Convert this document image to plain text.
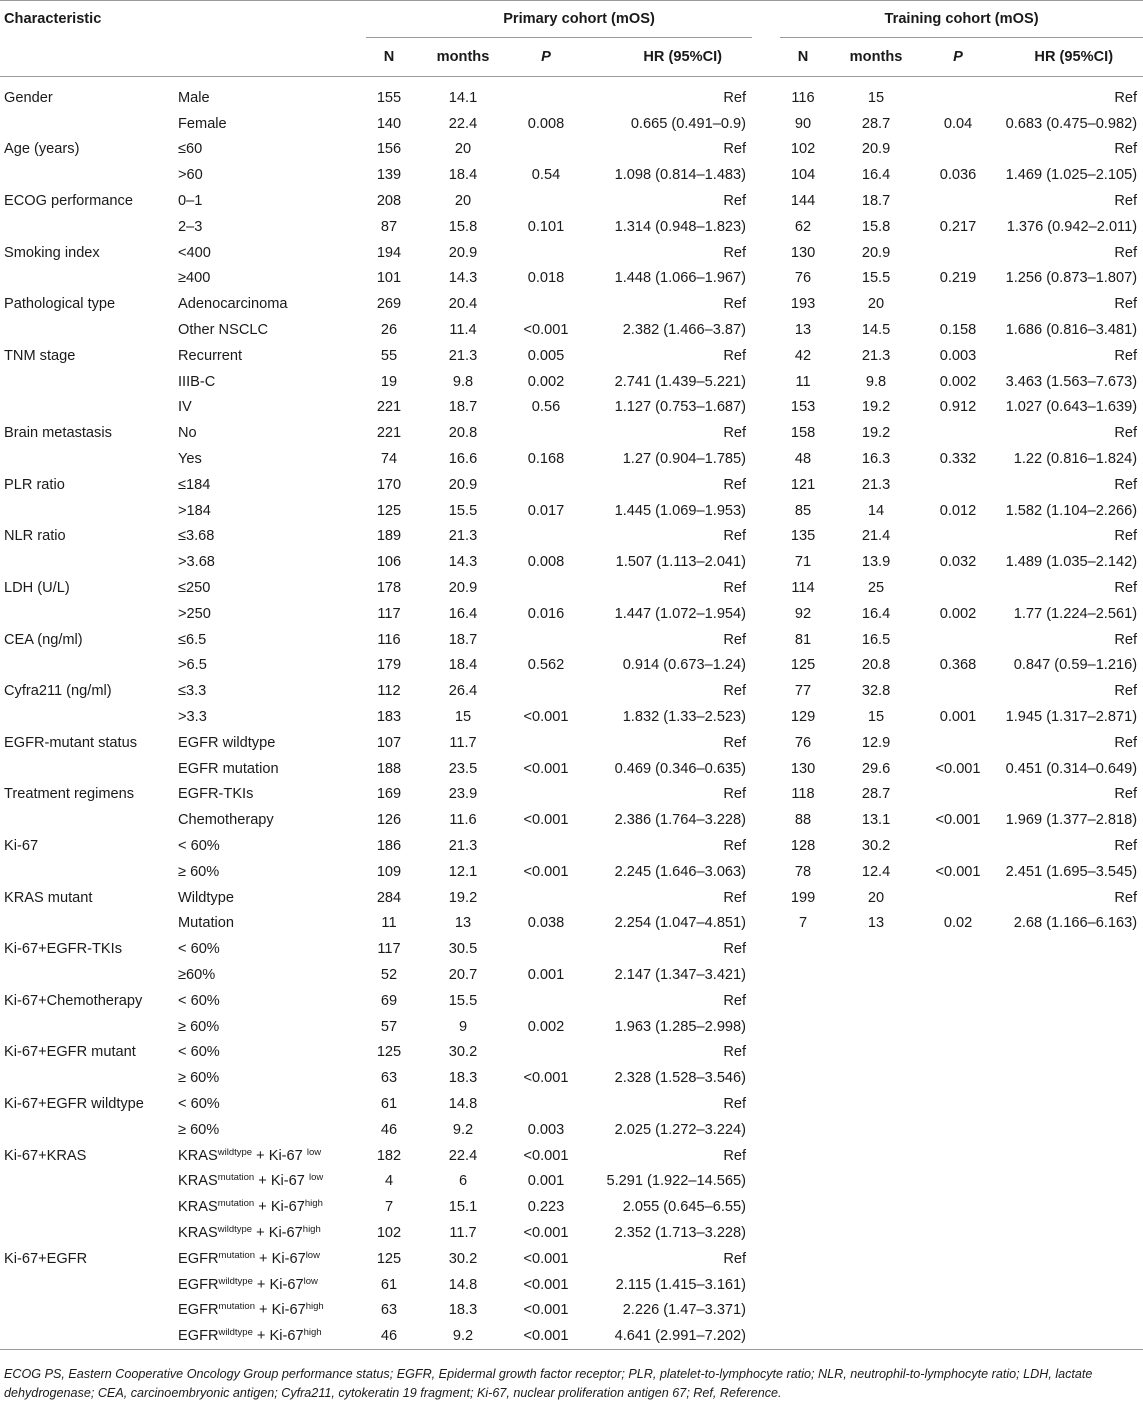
Characteristic		Primary cohort (mOS)					Training cohort (mOS)			
		N	months	P	HR (95%CI)		N	months	P	HR (95%CI)
Gender	Male	155	14.1		Ref		116	15		Ref
	Female	140	22.4	0.008	0.665 (0.491–0.9)		90	28.7	0.04	0.683 (0.475–0.982)
Age (years)	≤60	156	20		Ref		102	20.9		Ref
	>60	139	18.4	0.54	1.098 (0.814–1.483)		104	16.4	0.036	1.469 (1.025–2.105)
ECOG performance	0–1	208	20		Ref		144	18.7		Ref
	2–3	87	15.8	0.101	1.314 (0.948–1.823)		62	15.8	0.217	1.376 (0.942–2.011)
Smoking index	<400	194	20.9		Ref		130	20.9		Ref
	≥400	101	14.3	0.018	1.448 (1.066–1.967)		76	15.5	0.219	1.256 (0.873–1.807)
Pathological type	Adenocarcinoma	269	20.4		Ref		193	20		Ref
	Other NSCLC	26	11.4	<0.001	2.382 (1.466–3.87)		13	14.5	0.158	1.686 (0.816–3.481)
TNM stage	Recurrent	55	21.3	0.005	Ref		42	21.3	0.003	Ref
	IIIB-C	19	9.8	0.002	2.741 (1.439–5.221)		11	9.8	0.002	3.463 (1.563–7.673)
	IV	221	18.7	0.56	1.127 (0.753–1.687)		153	19.2	0.912	1.027 (0.643–1.639)
Brain metastasis	No	221	20.8		Ref		158	19.2		Ref
	Yes	74	16.6	0.168	1.27 (0.904–1.785)		48	16.3	0.332	1.22 (0.816–1.824)
PLR ratio	≤184	170	20.9		Ref		121	21.3		Ref
	>184	125	15.5	0.017	1.445 (1.069–1.953)		85	14	0.012	1.582 (1.104–2.266)
NLR ratio	≤3.68	189	21.3		Ref		135	21.4		Ref
	>3.68	106	14.3	0.008	1.507 (1.113–2.041)		71	13.9	0.032	1.489 (1.035–2.142)
LDH (U/L)	≤250	178	20.9		Ref		114	25		Ref
	>250	117	16.4	0.016	1.447 (1.072–1.954)		92	16.4	0.002	1.77 (1.224–2.561)
CEA (ng/ml)	≤6.5	116	18.7		Ref		81	16.5		Ref
	>6.5	179	18.4	0.562	0.914 (0.673–1.24)		125	20.8	0.368	0.847 (0.59–1.216)
Cyfra211 (ng/ml)	≤3.3	112	26.4		Ref		77	32.8		Ref
	>3.3	183	15	<0.001	1.832 (1.33–2.523)		129	15	0.001	1.945 (1.317–2.871)
EGFR-mutant status	EGFR wildtype	107	11.7		Ref		76	12.9		Ref
	EGFR mutation	188	23.5	<0.001	0.469 (0.346–0.635)		130	29.6	<0.001	0.451 (0.314–0.649)
Treatment regimens	EGFR-TKIs	169	23.9		Ref		118	28.7		Ref
	Chemotherapy	126	11.6	<0.001	2.386 (1.764–3.228)		88	13.1	<0.001	1.969 (1.377–2.818)
Ki-67	< 60%	186	21.3		Ref		128	30.2		Ref
	≥ 60%	109	12.1	<0.001	2.245 (1.646–3.063)		78	12.4	<0.001	2.451 (1.695–3.545)
KRAS mutant	Wildtype	284	19.2		Ref		199	20		Ref
	Mutation	11	13	0.038	2.254 (1.047–4.851)		7	13	0.02	2.68 (1.166–6.163)
Ki-67+EGFR-TKIs	< 60%	117	30.5		Ref					
	≥60%	52	20.7	0.001	2.147 (1.347–3.421)					
Ki-67+Chemotherapy	< 60%	69	15.5		Ref					
	≥ 60%	57	9	0.002	1.963 (1.285–2.998)					
Ki-67+EGFR mutant	< 60%	125	30.2		Ref					
	≥ 60%	63	18.3	<0.001	2.328 (1.528–3.546)					
Ki-67+EGFR wildtype	< 60%	61	14.8		Ref					
	≥ 60%	46	9.2	0.003	2.025 (1.272–3.224)					
Ki-67+KRAS	$KRAS^{wildtype} + Ki-67$ $^{low}$	182	22.4	<0.001	Ref					
	$KRAS^{mutation} + Ki-67$ $^{low}$	4	6	0.001	5.291 (1.922–14.565)					
	$KRAS^{mutation} + Ki-67^{high}$	7	15.1	0.223	2.055 (0.645–6.55)					
	$KRAS^{wildtype} + Ki-67^{high}$	102	11.7	<0.001	2.352 (1.713–3.228)					
Ki-67+EGFR	$EGFR^{mutation} + Ki-67^{low}$	125	30.2	<0.001	Ref					
	$EGFR^{wildtype} + Ki-67^{low}$	61	14.8	<0.001	2.115 (1.415–3.161)					
	$EGFR^{mutation} + Ki-67^{high}$	63	18.3	<0.001	2.226 (1.47–3.371)					
	$EGFR^{wildtype} + Ki-67^{high}$	46	9.2	<0.001	4.641 (2.991–7.202)					
ECOG PS, Eastern Cooperative Oncology Group performance status; EGFR, Epidermal growth factor receptor; PLR, platelet-to-lymphocyte ratio; NLR, neutrophil-to-lymphocyte ratio; LDH, lactate dehydrogenase; CEA, carcinoembryonic antigen; Cyfra211, cytokeratin 19 fragment; Ki-67, nuclear proliferation antigen 67; Ref, Reference.
